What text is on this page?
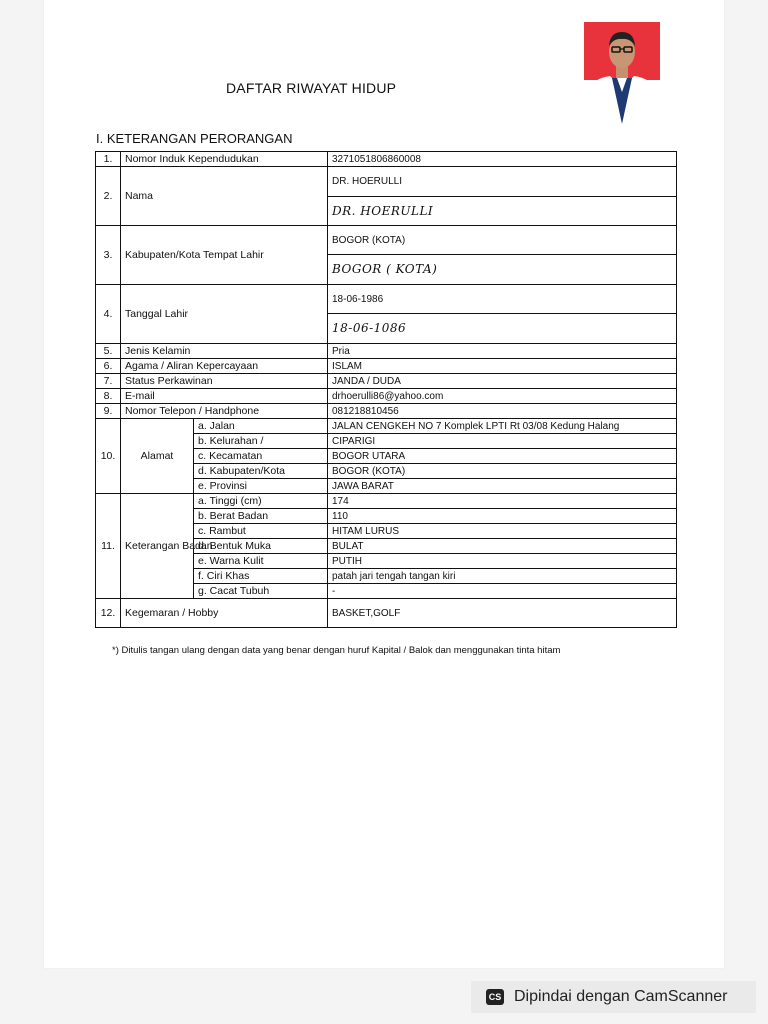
DAFTAR RIWAYAT HIDUP
I. KETERANGAN PERORANGAN
1.	Nomor Induk Kependudukan		3271051806860008
2.	Nama		DR. HOERULLI
			DR. HOERULLI
3.	Kabupaten/Kota Tempat Lahir		BOGOR (KOTA)
			BOGOR ( KOTA)
4.	Tanggal Lahir		18-06-1986
			18-06-1086
5.	Jenis Kelamin		Pria
6.	Agama / Aliran Kepercayaan		ISLAM
7.	Status Perkawinan		JANDA / DUDA
8.	E-mail		drhoerulli86@yahoo.com
9.	Nomor Telepon / Handphone		081218810456
10.	Alamat	a. Jalan	JALAN CENGKEH NO 7 Komplek LPTI Rt 03/08 Kedung Halang
		b. Kelurahan /	CIPARIGI
		c. Kecamatan	BOGOR UTARA
		d. Kabupaten/Kota	BOGOR (KOTA)
		e. Provinsi	JAWA BARAT
11.	Keterangan Badan	a. Tinggi (cm)	174
		b. Berat Badan	110
		c. Rambut	HITAM LURUS
		d. Bentuk Muka	BULAT
		e. Warna Kulit	PUTIH
		f. Ciri Khas	patah jari tengah tangan kiri
		g. Cacat Tubuh	-
12.	Kegemaran / Hobby		BASKET,GOLF
*) Ditulis tangan ulang dengan data yang benar dengan huruf Kapital / Balok dan menggunakan tinta hitam
CS Dipindai dengan CamScanner
